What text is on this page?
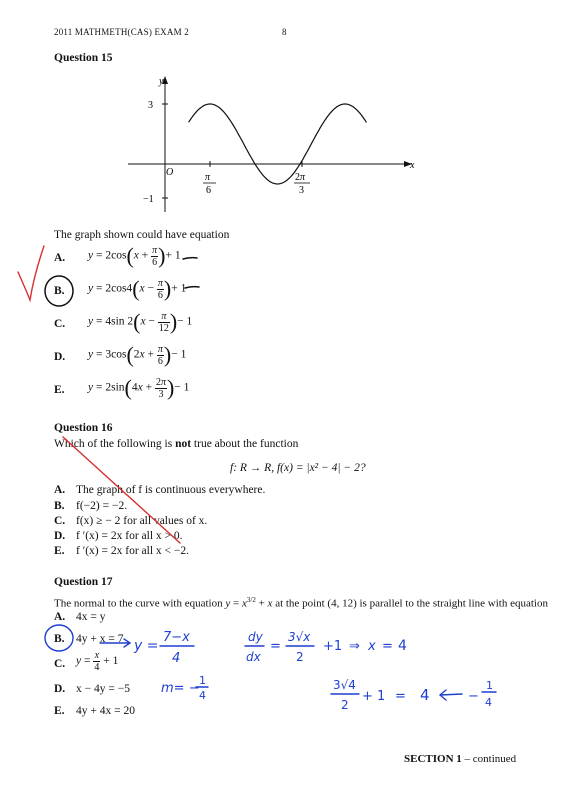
2011 MATHMETH(CAS) EXAM 2	8
Question 15
y
x
O
3
−1
π
6
2π
3
The graph shown could have equation
A. $y = 2\cos(x + \frac{\pi}{6}$ )+ 1
B. $y = 2\cos 4(x - \frac{\pi}{6}$ )+ 1
C. y = 4sin $2(x - \frac{\pi}{12}$ )− 1
D. $y = 3\cos(2x + \frac{\pi}{6}$ )− 1
E. $y = 2\sin(4x + \frac{2\pi}{3}$ )− 1
Question 16
Which of the following is not true about the function
f: R → R, f(x) = |x² − 4| − 2?
A. The graph of f is continuous everywhere.
B. f(−2) = −2.
C. f(x) ≥ − 2 for all values of x.
D. f ′(x) = 2x for all x > 0.
E. f ′(x) = 2x for all x < −2.
Question 17
The normal to the curve with equation $y = x^{3/2} + x$ at the point (4, 12) is parallel to the straight line with equation
A. 4x = y
B. 4y + x = 7
C. $y = \frac{x}{4} + 1$
D. x − 4y = −5
E. 4y + 4x = 20
SECTION 1 – continued
y =
7−x
4
m= −
1
4
dy
dx
=
3√x
2
+1 ⇒ x = 4
3√4
2
+ 1 = 4	−
1
4
